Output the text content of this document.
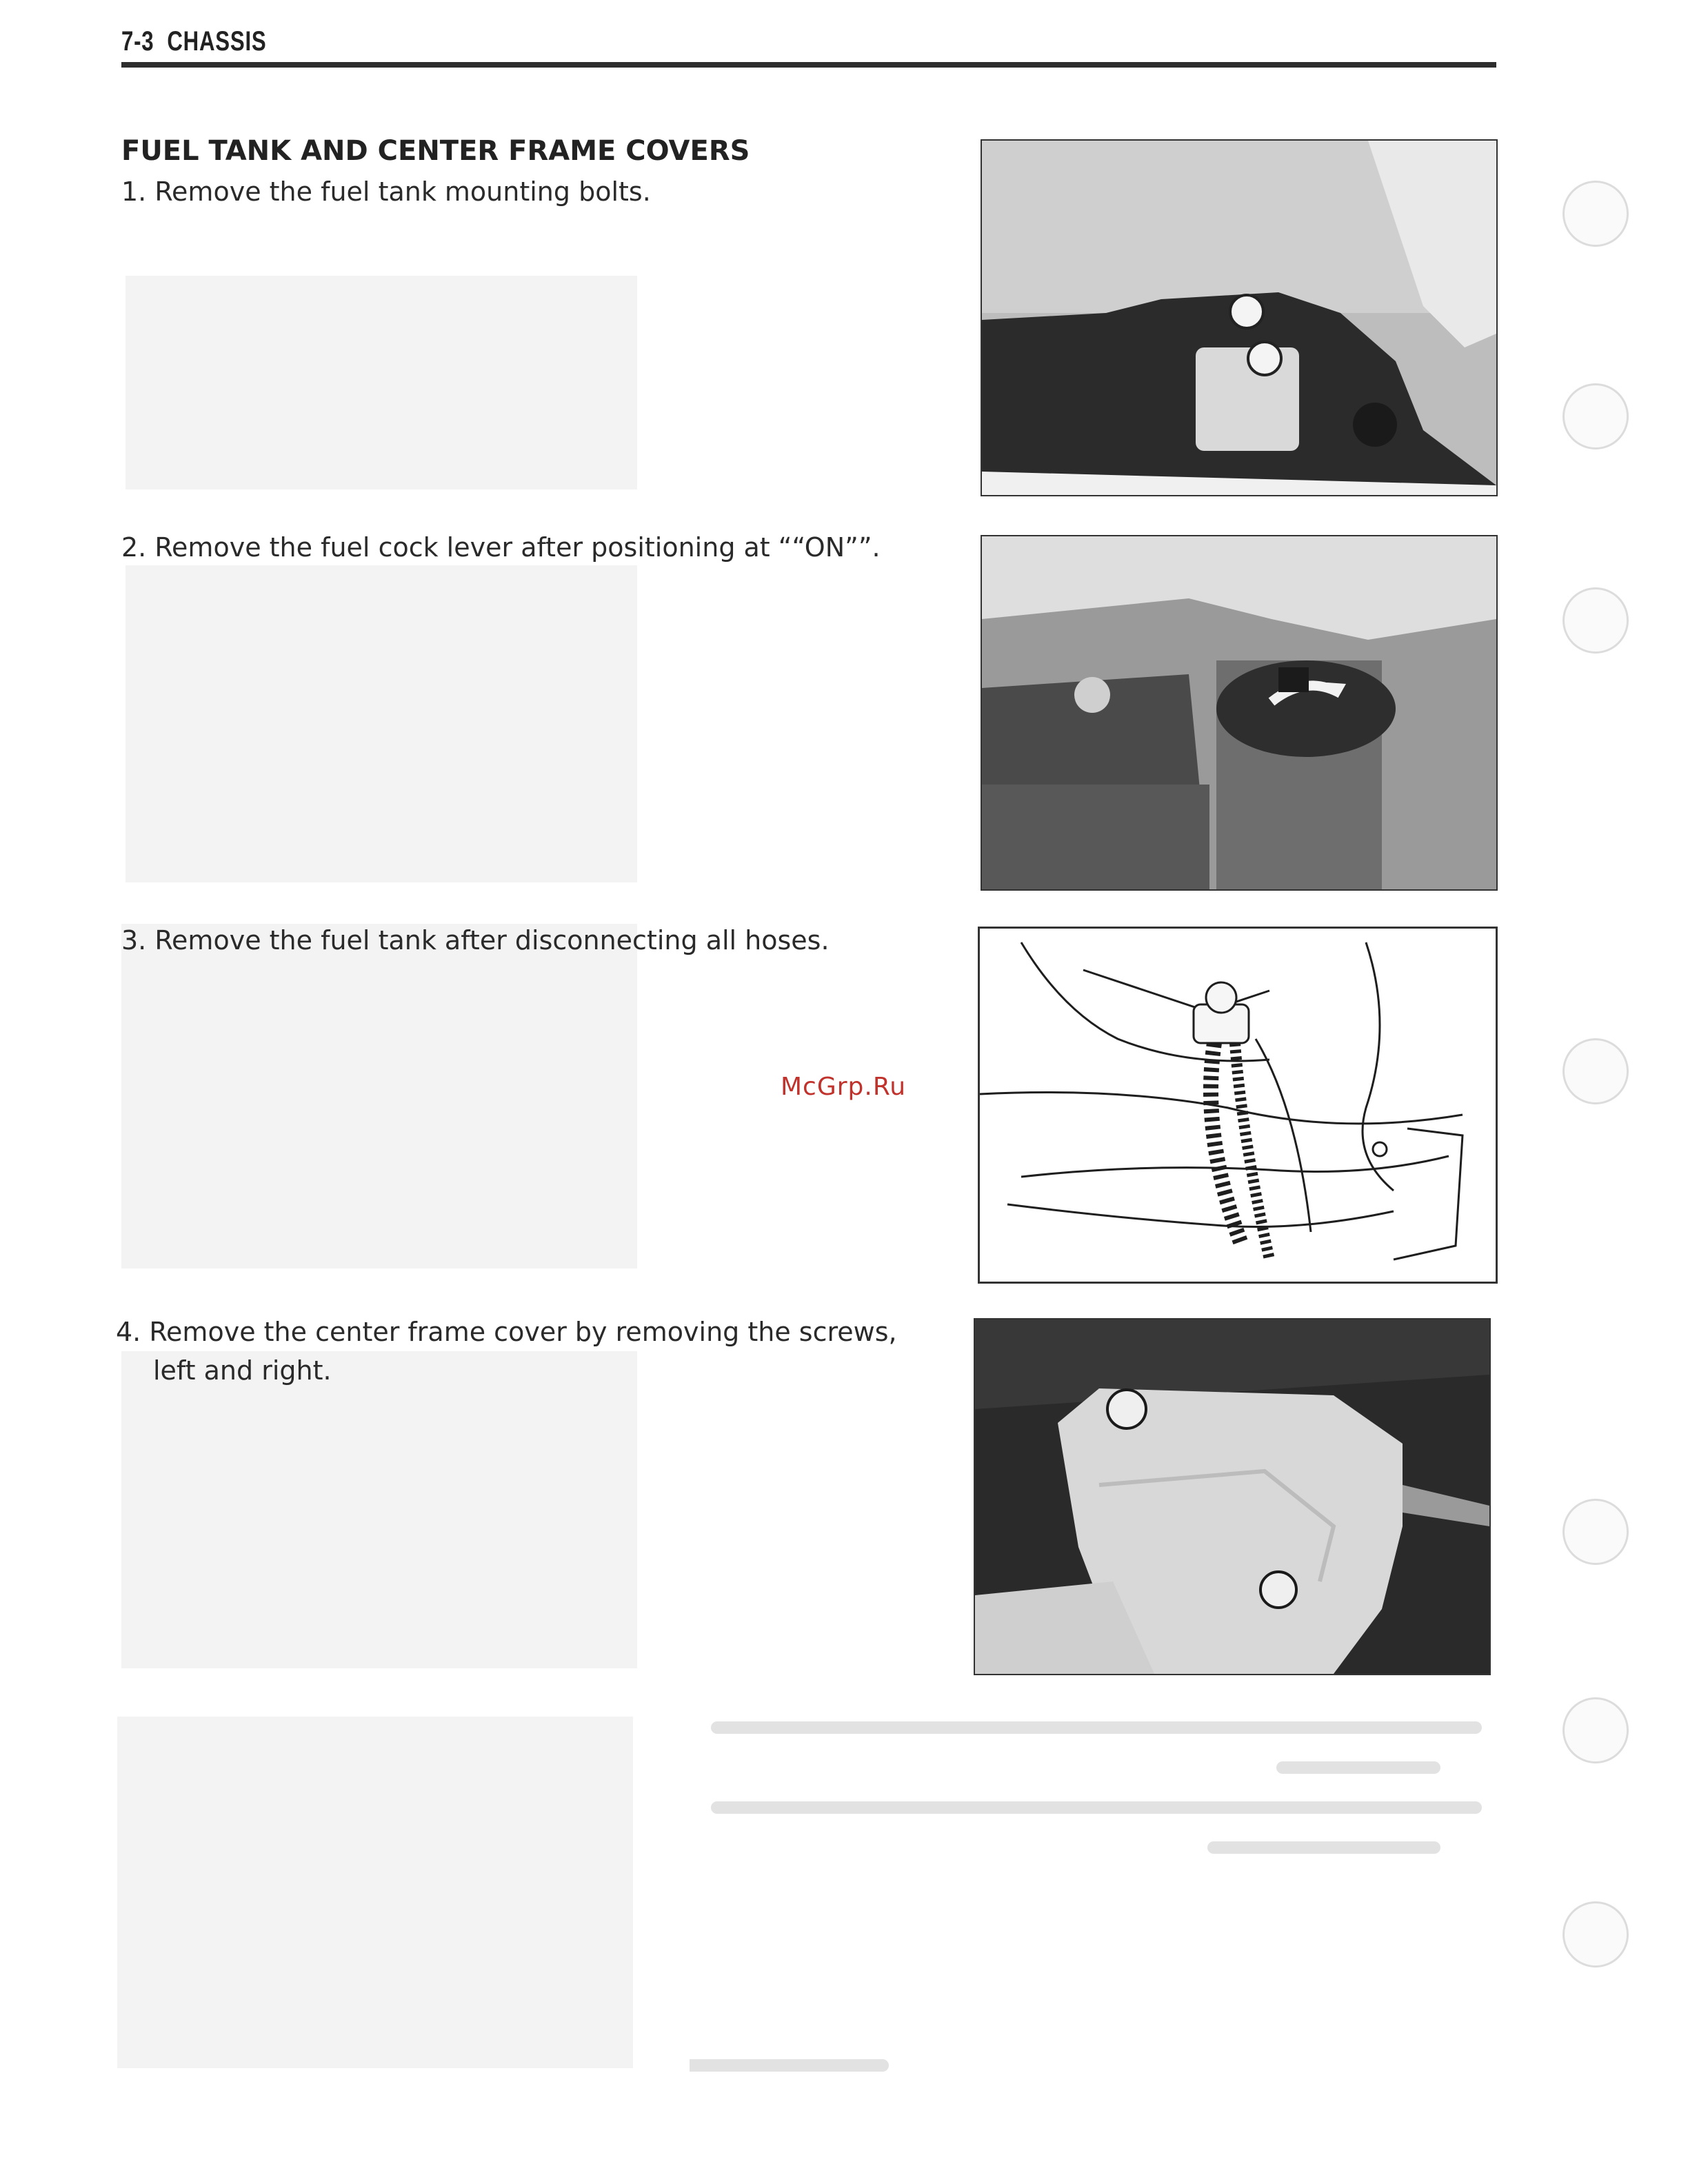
7-3 CHASSIS
FUEL TANK AND CENTER FRAME COVERS
1. Remove the fuel tank mounting bolts.
2. Remove the fuel cock lever after positioning at ““ON””.
3. Remove the fuel tank after disconnecting all hoses.
4. Remove the center frame cover by removing the screws,
left and right.
McGrp.Ru
